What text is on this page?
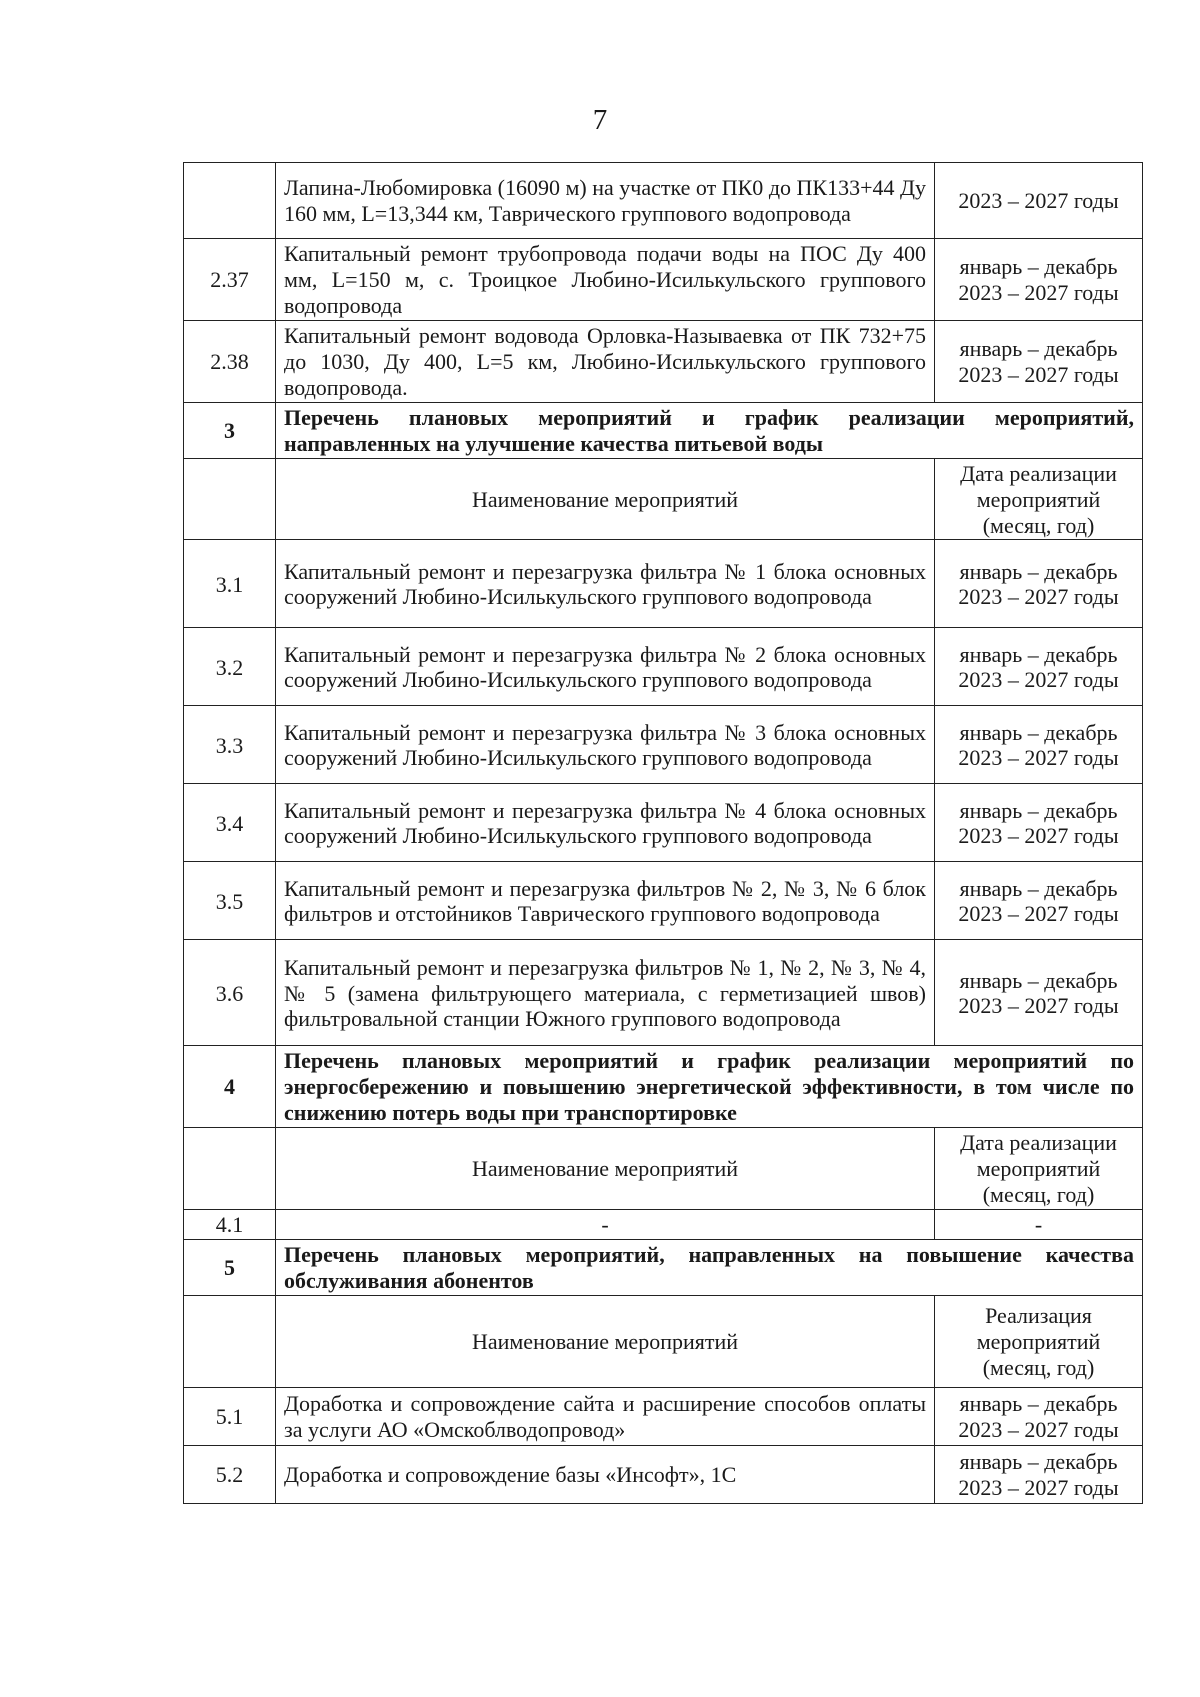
7
	Лапина-Любомировка (16090 м) на участке от ПК0 до ПК133+44 Ду 160 мм, L=13,344 км, Таврического группового водопровода	2023 – 2027 годы

2.37	Капитальный ремонт трубопровода подачи воды на ПОС Ду 400 мм, L=150 м, с. Троицкое Любино-Исилькульского группового водопровода	январь – декабрь
2023 – 2027 годы

2.38	Капитальный ремонт водовода Орловка-Называевка от ПК 732+75 до 1030, Ду 400, L=5 км, Любино-Исилькульского группового водопровода.	январь – декабрь
2023 – 2027 годы

3	Перечень плановых мероприятий и график реализации мероприятий, направленных на улучшение качества питьевой воды	
	Наименование мероприятий	Дата реализации
мероприятий
(месяц, год)

3.1	Капитальный ремонт и перезагрузка фильтра № 1 блока основных сооружений Любино-Исилькульского группового водопровода	январь – декабрь
2023 – 2027 годы

3.2	Капитальный ремонт и перезагрузка фильтра № 2 блока основных сооружений Любино-Исилькульского группового водопровода	январь – декабрь
2023 – 2027 годы

3.3	Капитальный ремонт и перезагрузка фильтра № 3 блока основных сооружений Любино-Исилькульского группового водопровода	январь – декабрь
2023 – 2027 годы

3.4	Капитальный ремонт и перезагрузка фильтра № 4 блока основных сооружений Любино-Исилькульского группового водопровода	январь – декабрь
2023 – 2027 годы

3.5	Капитальный ремонт и перезагрузка фильтров № 2, № 3, № 6 блок фильтров и отстойников Таврического группового водопровода	январь – декабрь
2023 – 2027 годы

3.6	Капитальный ремонт и перезагрузка фильтров № 1, № 2, № 3, № 4, № 5 (замена фильтрующего материала, с герметизацией швов) фильтровальной станции Южного группового водопровода	январь – декабрь
2023 – 2027 годы

4	Перечень плановых мероприятий и график реализации мероприятий по энергосбережению и повышению энергетической эффективности, в том числе по снижению потерь воды при транспортировке	
	Наименование мероприятий	Дата реализации
мероприятий
(месяц, год)

4.1	-	-
5	Перечень плановых мероприятий, направленных на повышение качества обслуживания абонентов	
	Наименование мероприятий	Реализация
мероприятий
(месяц, год)

5.1	Доработка и сопровождение сайта и расширение способов оплаты за услуги АО «Омскоблводопровод»	январь – декабрь
2023 – 2027 годы

5.2	Доработка и сопровождение базы «Инсофт», 1С	январь – декабрь
2023 – 2027 годы
